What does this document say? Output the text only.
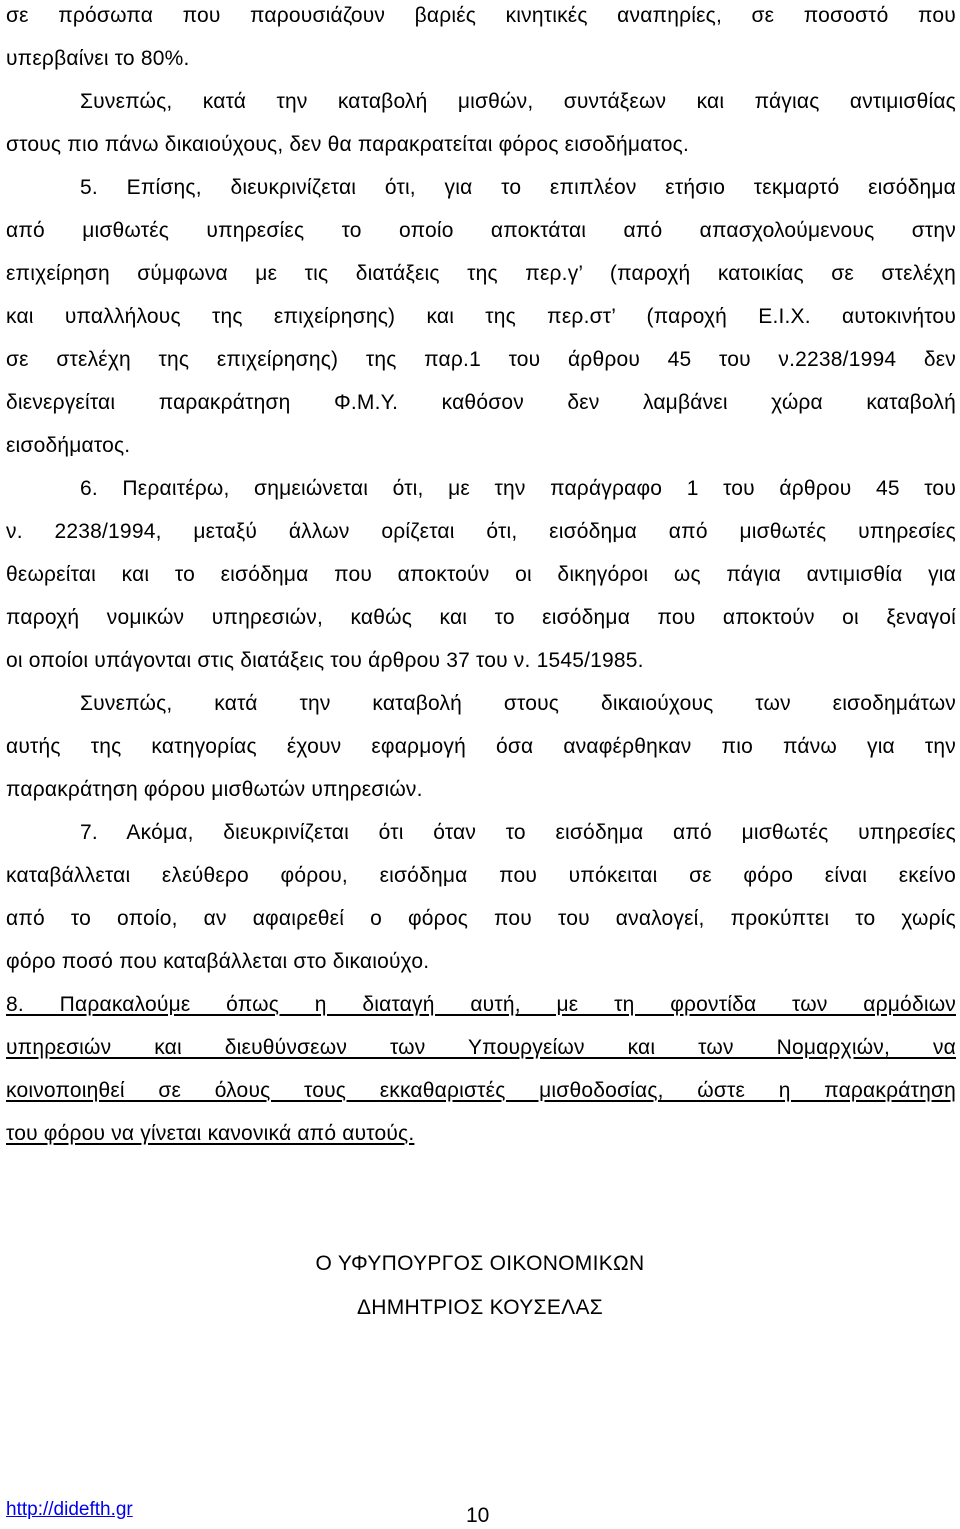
σε πρόσωπα που παρουσιάζουν βαριές κινητικές αναπηρίες, σε ποσοστό που
υπερβαίνει το 80%.
Συνεπώς, κατά την καταβολή μισθών, συντάξεων και πάγιας αντιμισθίας
στους πιο πάνω δικαιούχους, δεν θα παρακρατείται φόρος εισοδήματος.
5. Επίσης, διευκρινίζεται ότι, για το επιπλέον ετήσιο τεκμαρτό εισόδημα
από μισθωτές υπηρεσίες το οποίο αποκτάται από απασχολούμενους στην
επιχείρηση σύμφωνα με τις διατάξεις της περ.γ’ (παροχή κατοικίας σε στελέχη
και υπαλλήλους της επιχείρησης) και της περ.στ’ (παροχή Ε.Ι.Χ. αυτοκινήτου
σε στελέχη της επιχείρησης) της παρ.1 του άρθρου 45 του ν.2238/1994 δεν
διενεργείται παρακράτηση Φ.Μ.Υ. καθόσον δεν λαμβάνει χώρα καταβολή
εισοδήματος.
6. Περαιτέρω, σημειώνεται ότι, με την παράγραφο 1 του άρθρου 45 του
ν. 2238/1994, μεταξύ άλλων ορίζεται ότι, εισόδημα από μισθωτές υπηρεσίες
θεωρείται και το εισόδημα που αποκτούν οι δικηγόροι ως πάγια αντιμισθία για
παροχή νομικών υπηρεσιών, καθώς και το εισόδημα που αποκτούν οι ξεναγοί
οι οποίοι υπάγονται στις διατάξεις του άρθρου 37 του ν. 1545/1985.
Συνεπώς, κατά την καταβολή στους δικαιούχους των εισοδημάτων
αυτής της κατηγορίας έχουν εφαρμογή όσα αναφέρθηκαν πιο πάνω για την
παρακράτηση φόρου μισθωτών υπηρεσιών.
7. Ακόμα, διευκρινίζεται ότι όταν το εισόδημα από μισθωτές υπηρεσίες
καταβάλλεται ελεύθερο φόρου, εισόδημα που υπόκειται σε φόρο είναι εκείνο
από το οποίο, αν αφαιρεθεί ο φόρος που του αναλογεί, προκύπτει το χωρίς
φόρο ποσό που καταβάλλεται στο δικαιούχο.
8. Παρακαλούμε όπως η διαταγή αυτή, με τη φροντίδα των αρμόδιων
υπηρεσιών και διευθύνσεων των Υπουργείων και των Νομαρχιών, να
κοινοποιηθεί σε όλους τους εκκαθαριστές μισθοδοσίας, ώστε η παρακράτηση
του φόρου να γίνεται κανονικά από αυτούς.
Ο ΥΦΥΠΟΥΡΓΟΣ ΟΙΚΟΝΟΜΙΚΩΝ
ΔΗΜΗΤΡΙΟΣ ΚΟΥΣΕΛΑΣ
http://didefth.gr	10
